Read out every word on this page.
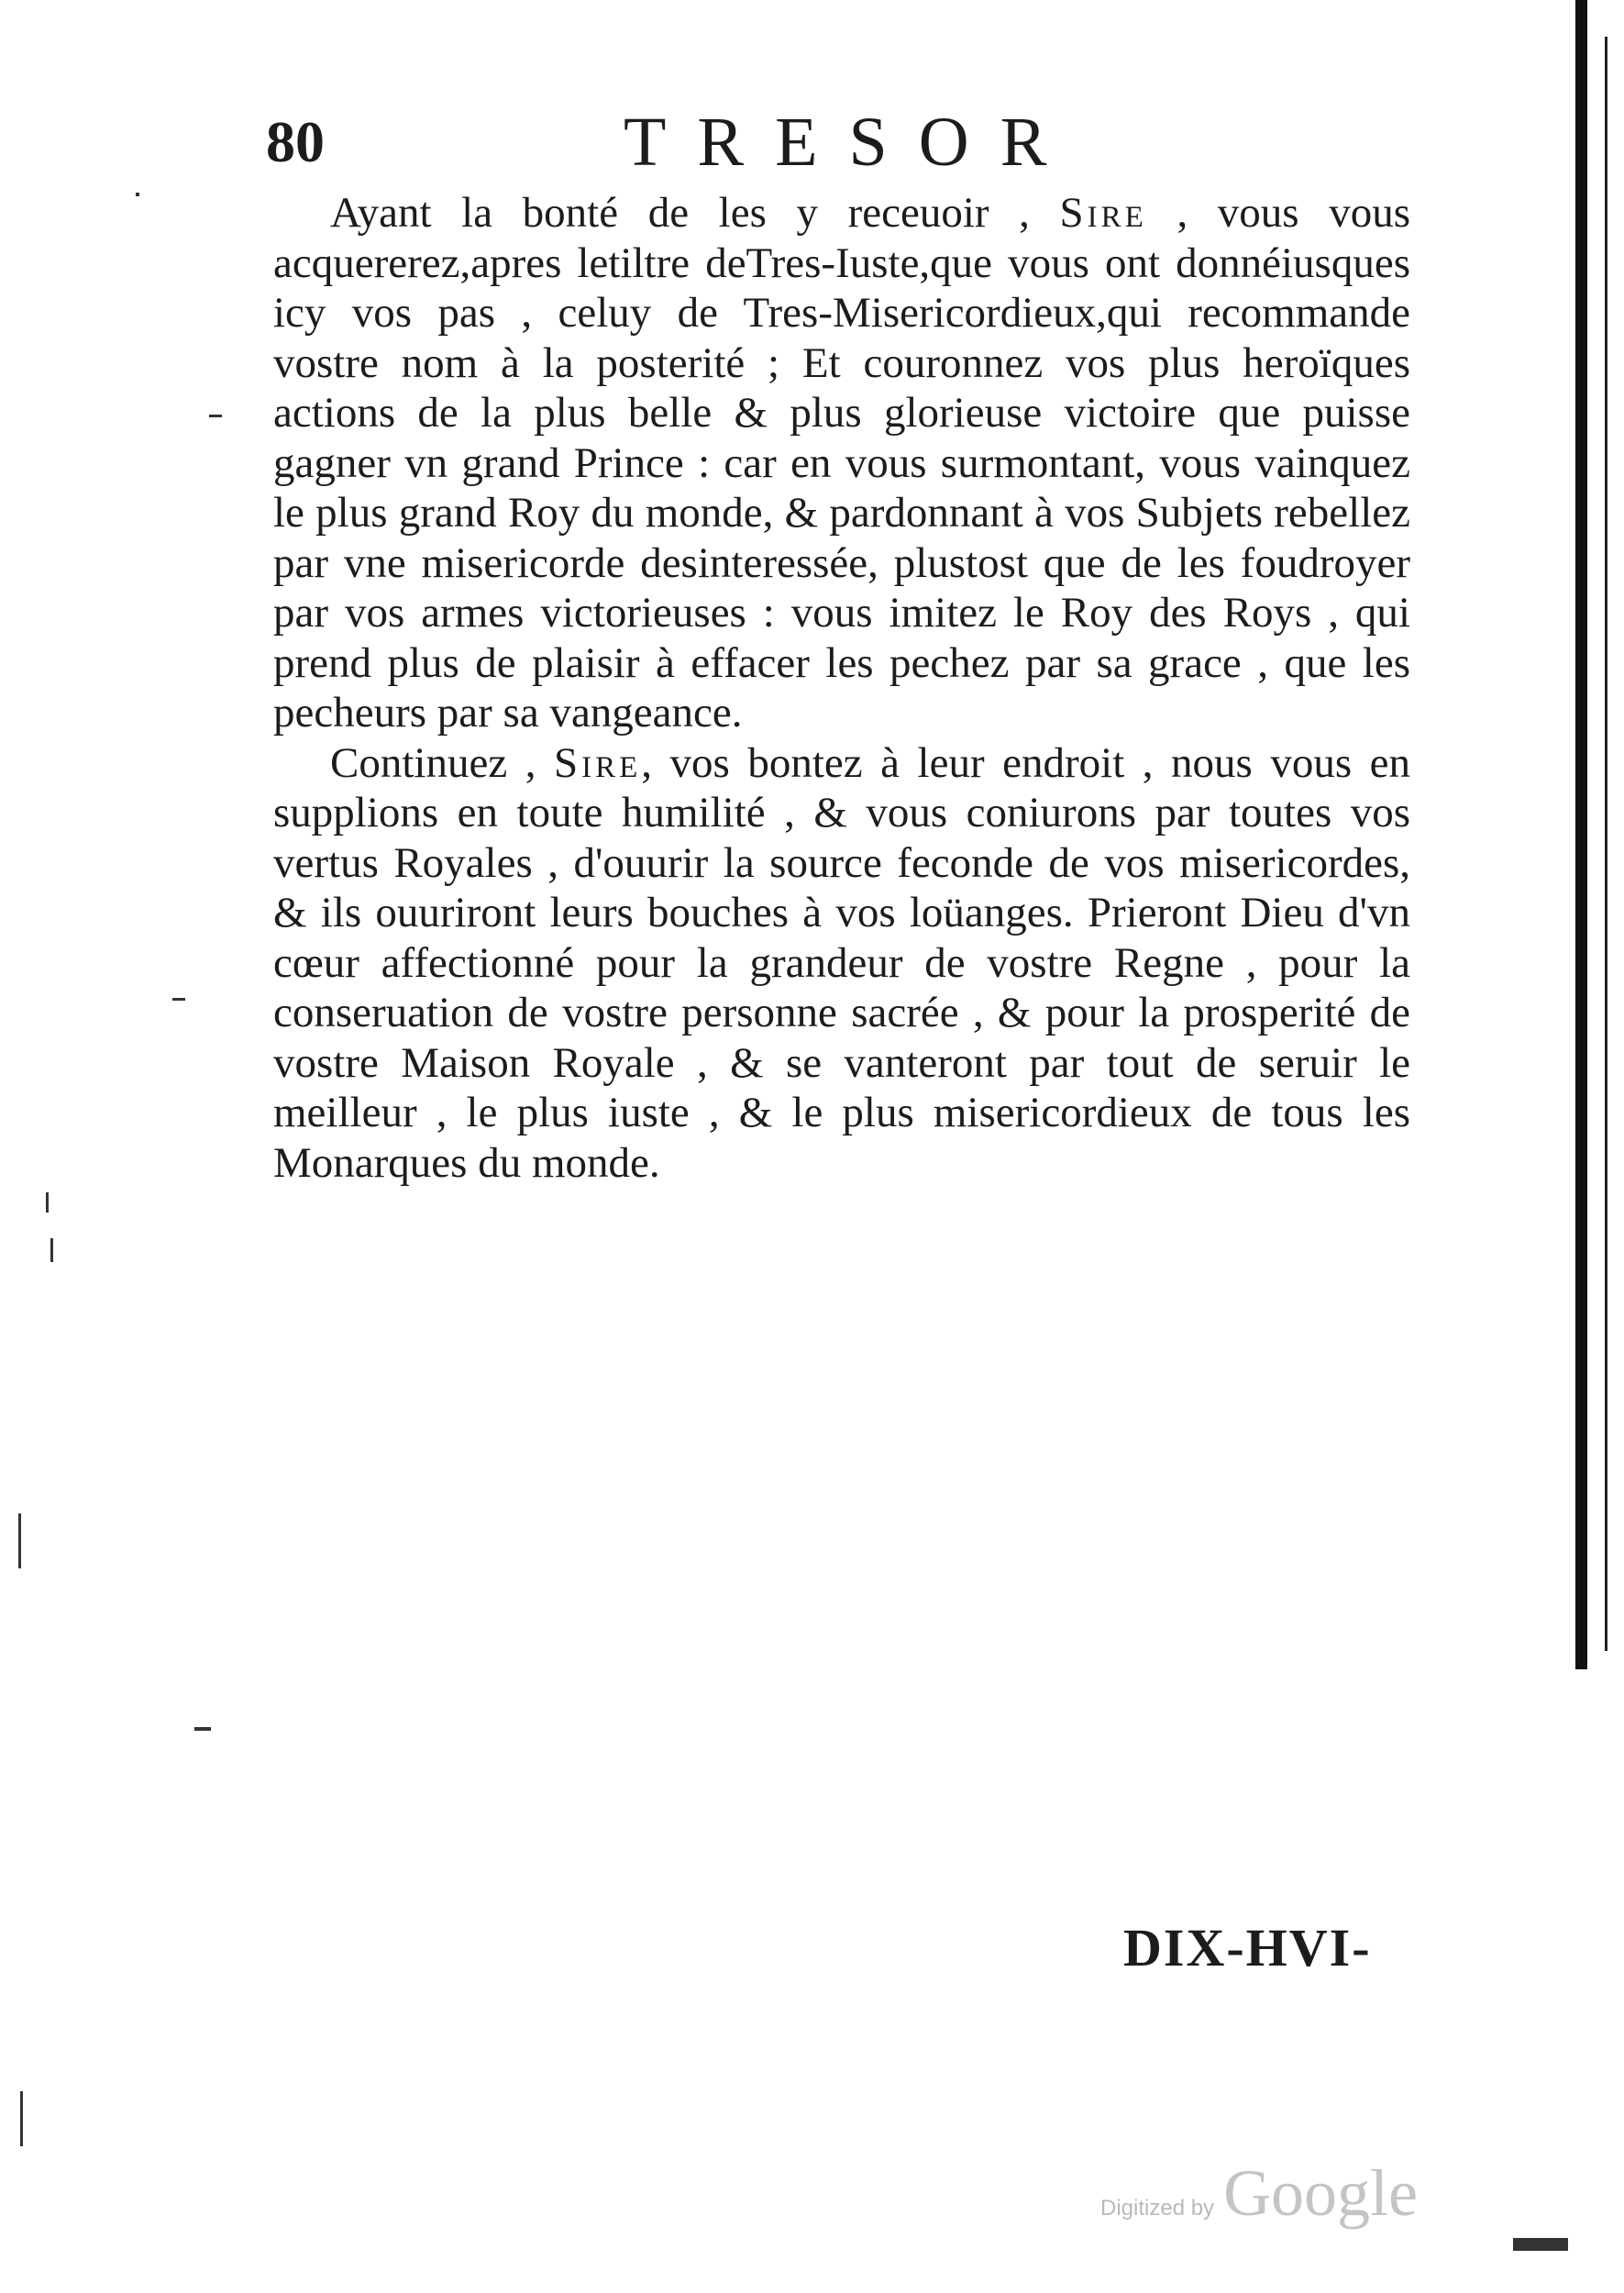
80	TRESOR

Ayant la bonté de les y receuoir , Sire , vous vous acquererez,apres letiltre deTres-Iuste,que vous ont donnéiusques icy vos pas , celuy de Tres-Misericordieux,qui recommande vostre nom à la posterité ; Et couronnez vos plus heroïques actions de la plus belle & plus glorieuse victoire que puisse gagner vn grand Prince : car en vous surmontant, vous vainquez le plus grand Roy du monde, & pardonnant à vos Subjets rebellez par vne misericorde desinteressée, plustost que de les foudroyer par vos armes victorieuses : vous imitez le Roy des Roys , qui prend plus de plaisir à effacer les pechez par sa grace , que les pecheurs par sa vangeance.

Continuez , Sire, vos bontez à leur endroit , nous vous en supplions en toute humilité , & vous coniurons par toutes vos vertus Royales , d'ouurir la source feconde de vos misericordes, & ils ouuriront leurs bouches à vos loüanges. Prieront Dieu d'vn cœur affectionné pour la grandeur de vostre Regne , pour la conseruation de vostre personne sacrée , & pour la prosperité de vostre Maison Royale , & se vanteront par tout de seruir le meilleur , le plus iuste , & le plus misericordieux de tous les Monarques du monde.

DIX-HVI-
Digitized by Google
